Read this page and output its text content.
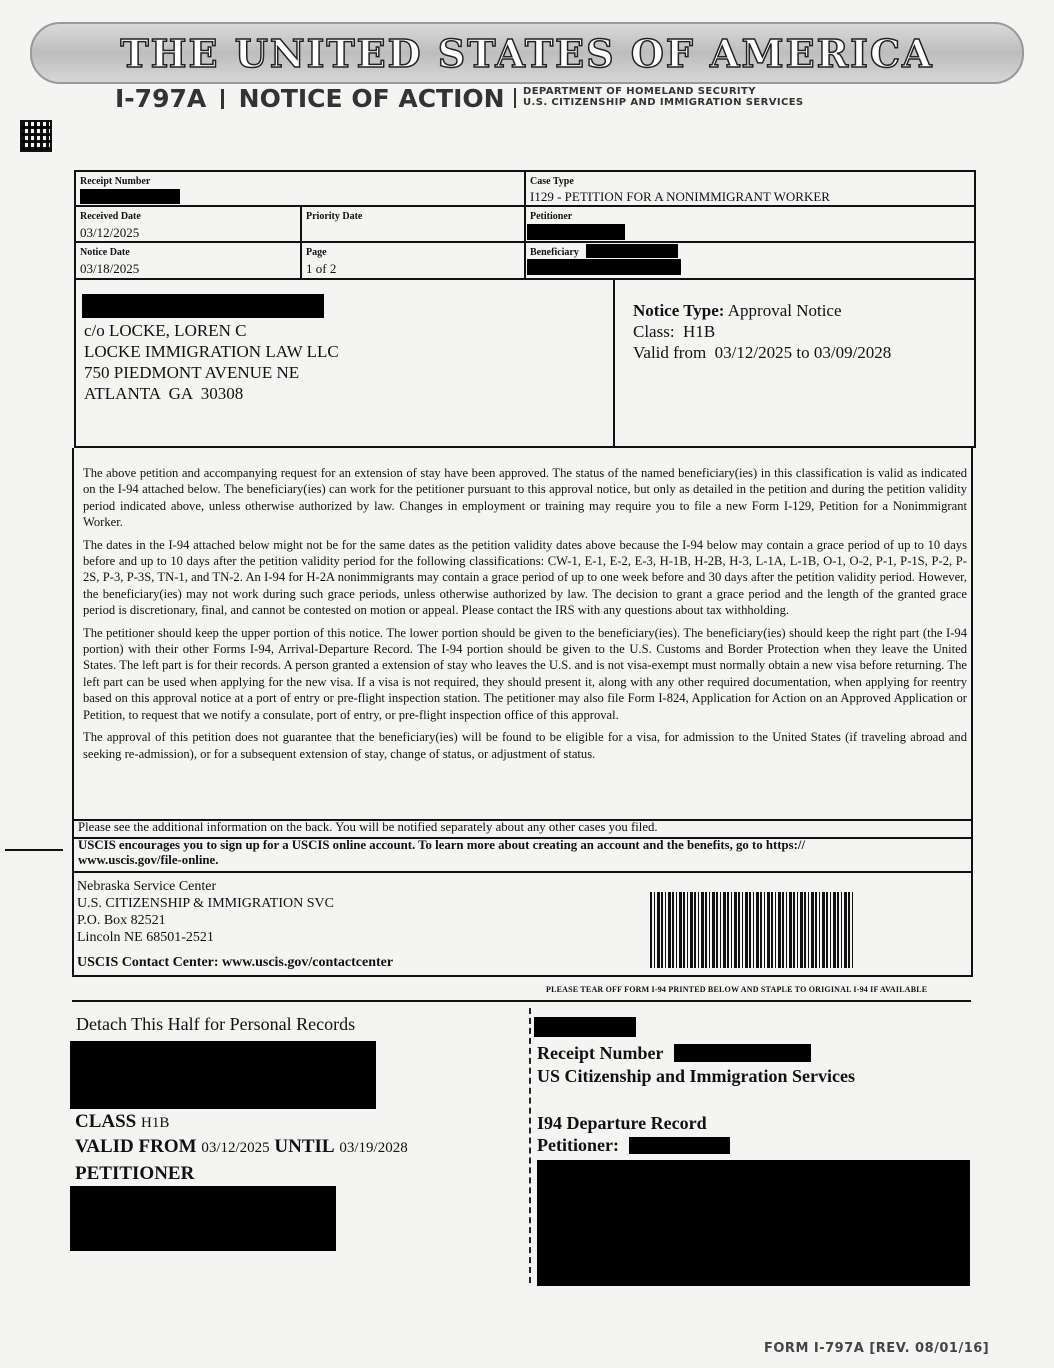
THE UNITED STATES OF AMERICA
I-797A NOTICE OF ACTION DEPARTMENT OF HOMELAND SECURITY
U.S. CITIZENSHIP AND IMMIGRATION SERVICES
Receipt Number	Case Type
I129 - PETITION FOR A NONIMMIGRANT WORKER
Received Date
03/12/2025
Priority Date	Petitioner
Notice Date
03/18/2025
Page
1 of 2
Beneficiary
c/o LOCKE, LOREN C
LOCKE IMMIGRATION LAW LLC
750 PIEDMONT AVENUE NE
ATLANTA  GA  30308
Notice Type: Approval Notice
Class:  H1B
Valid from  03/12/2025 to 03/09/2028

The above petition and accompanying request for an extension of stay have been approved. The status of the named beneficiary(ies) in this classification is valid as indicated on the I-94 attached below. The beneficiary(ies) can work for the petitioner pursuant to this approval notice, but only as detailed in the petition and during the petition validity period indicated above, unless otherwise authorized by law. Changes in employment or training may require you to file a new Form I-129, Petition for a Nonimmigrant Worker.

The dates in the I-94 attached below might not be for the same dates as the petition validity dates above because the I-94 below may contain a grace period of up to 10 days before and up to 10 days after the petition validity period for the following classifications: CW-1, E-1, E-2, E-3, H-1B, H-2B, H-3, L-1A, L-1B, O-1, O-2, P-1, P-1S, P-2, P-2S, P-3, P-3S, TN-1, and TN-2. An I-94 for H-2A nonimmigrants may contain a grace period of up to one week before and 30 days after the petition validity period. However, the beneficiary(ies) may not work during such grace periods, unless otherwise authorized by law. The decision to grant a grace period and the length of the granted grace period is discretionary, final, and cannot be contested on motion or appeal. Please contact the IRS with any questions about tax withholding.

The petitioner should keep the upper portion of this notice. The lower portion should be given to the beneficiary(ies). The beneficiary(ies) should keep the right part (the I-94 portion) with their other Forms I-94, Arrival-Departure Record. The I-94 portion should be given to the U.S. Customs and Border Protection when they leave the United States. The left part is for their records. A person granted a extension of stay who leaves the U.S. and is not visa-exempt must normally obtain a new visa before returning. The left part can be used when applying for the new visa. If a visa is not required, they should present it, along with any other required documentation, when applying for reentry based on this approval notice at a port of entry or pre-flight inspection station. The petitioner may also file Form I-824, Application for Action on an Approved Application or Petition, to request that we notify a consulate, port of entry, or pre-flight inspection office of this approval.

The approval of this petition does not guarantee that the beneficiary(ies) will be found to be eligible for a visa, for admission to the United States (if traveling abroad and seeking re-admission), or for a subsequent extension of stay, change of status, or adjustment of status.

Please see the additional information on the back. You will be notified separately about any other cases you filed.
USCIS encourages you to sign up for a USCIS online account. To learn more about creating an account and the benefits, go to https://
www.uscis.gov/file-online.
Nebraska Service Center
U.S. CITIZENSHIP & IMMIGRATION SVC
P.O. Box 82521
Lincoln NE 68501-2521
USCIS Contact Center: www.uscis.gov/contactcenter
PLEASE TEAR OFF FORM I-94 PRINTED BELOW AND STAPLE TO ORIGINAL I-94 IF AVAILABLE
Detach This Half for Personal Records
CLASS H1B
VALID FROM 03/12/2025 UNTIL 03/19/2028
PETITIONER
Receipt Number
US Citizenship and Immigration Services
I94 Departure Record
Petitioner:
FORM I-797A [REV. 08/01/16]
